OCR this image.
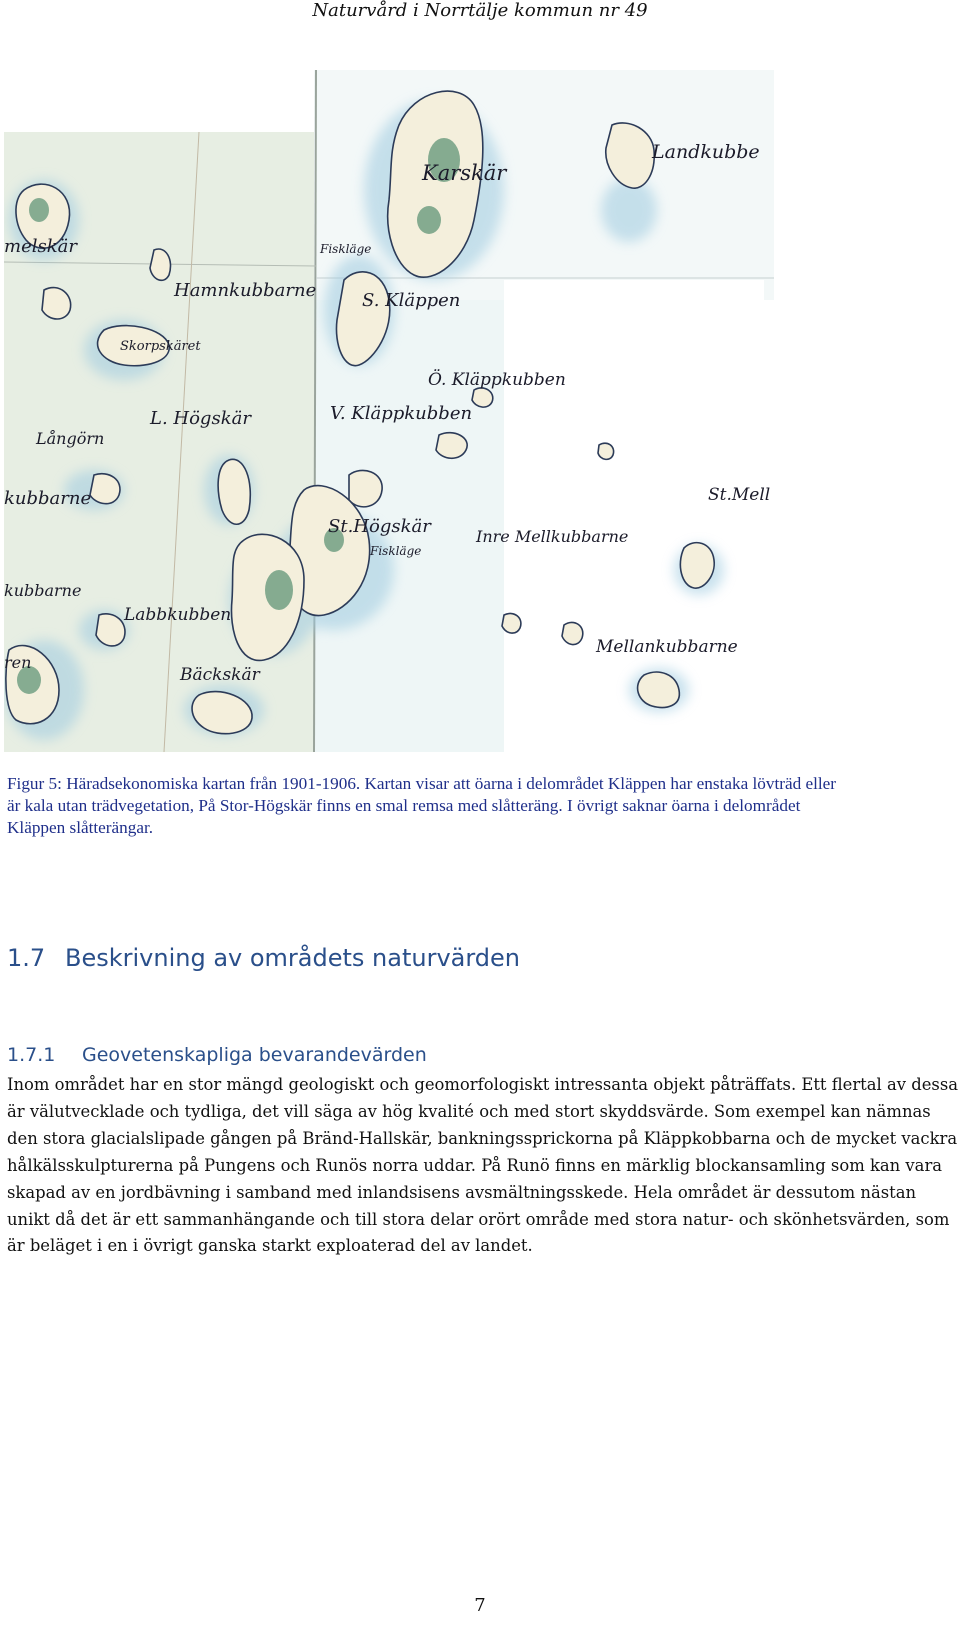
Naturvård i Norrtälje kommun nr 49
Landkubbe
Karskär
Fiskläge
S. Kläppen
Ö. Kläppkubben
V. Kläppkubben
St.Mell
St.Högskär
Fiskläge
Inre Mellkubbarne
Mellankubbarne
melskär
Hamnkubbarne
Skorpskäret
L. Högskär
Långörn
kubbarne
kubbarne
Labbkubben
Bäckskär
ren
Figur 5: Häradsekonomiska kartan från 1901-1906. Kartan visar att öarna i delområdet Kläppen har enstaka lövträd eller är kala utan trädvegetation, På Stor-Högskär finns en smal remsa med slåtteräng. I övrigt saknar öarna i delområdet Kläppen slåtterängar.
1.7 Beskrivning av områdets naturvärden
1.7.1 Geovetenskapliga bevarandevärden
Inom området har en stor mängd geologiskt och geomorfologiskt intressanta objekt påträffats. Ett flertal av dessa är välutvecklade och tydliga, det vill säga av hög kvalité och med stort skyddsvärde. Som exempel kan nämnas den stora glacialslipade gången på Bränd-Hallskär, bankningssprickorna på Kläppkobbarna och de mycket vackra hålkälsskulpturerna på Pungens och Runös norra uddar. På Runö finns en märklig blockansamling som kan vara skapad av en jordbävning i samband med inlandsisens avsmältningsskede. Hela området är dessutom nästan unikt då det är ett sammanhängande och till stora delar orört område med stora natur- och skönhetsvärden, som är beläget i en i övrigt ganska starkt exploaterad del av landet.
7
